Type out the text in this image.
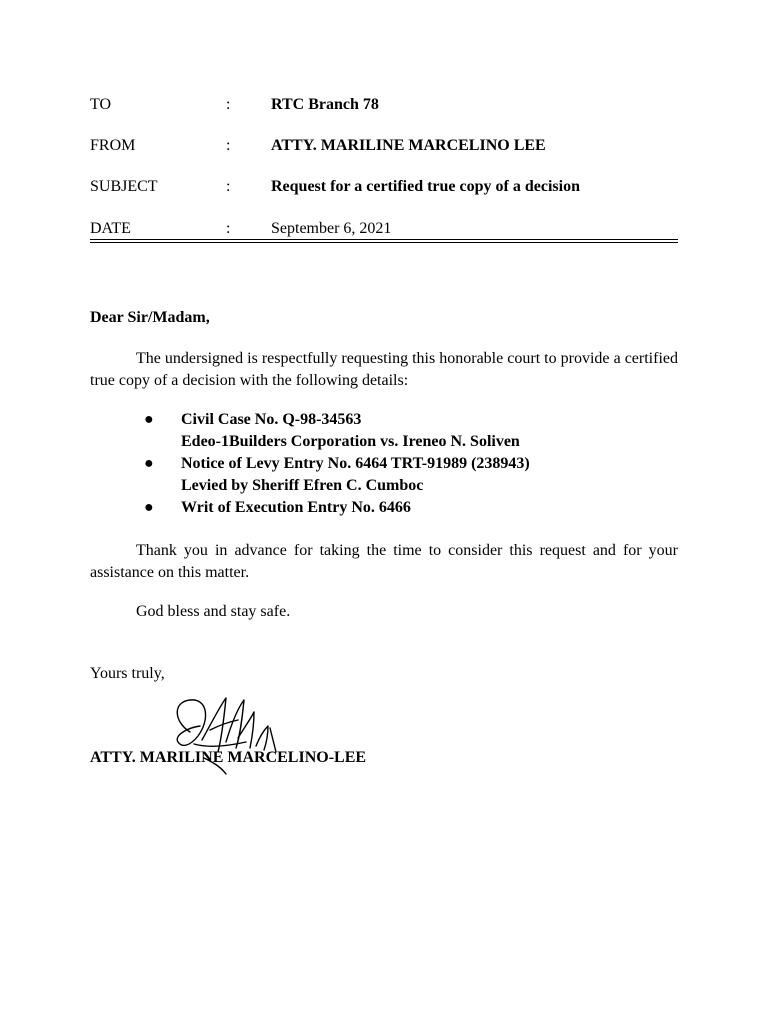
TO	:	RTC Branch 78
FROM	:	ATTY. MARILINE MARCELINO LEE
SUBJECT	:	Request for a certified true copy of a decision
DATE	:	September 6, 2021
Dear Sir/Madam,
The undersigned is respectfully requesting this honorable court to provide a certified true copy of a decision with the following details:
● Civil Case No. Q-98-34563
Edeo-1Builders Corporation vs. Ireneo N. Soliven
● Notice of Levy Entry No. 6464 TRT-91989 (238943)
Levied by Sheriff Efren C. Cumboc
● Writ of Execution Entry No. 6466
Thank you in advance for taking the time to consider this request and for your assistance on this matter.
God bless and stay safe.
Yours truly,
ATTY. MARILINE MARCELINO-LEE
